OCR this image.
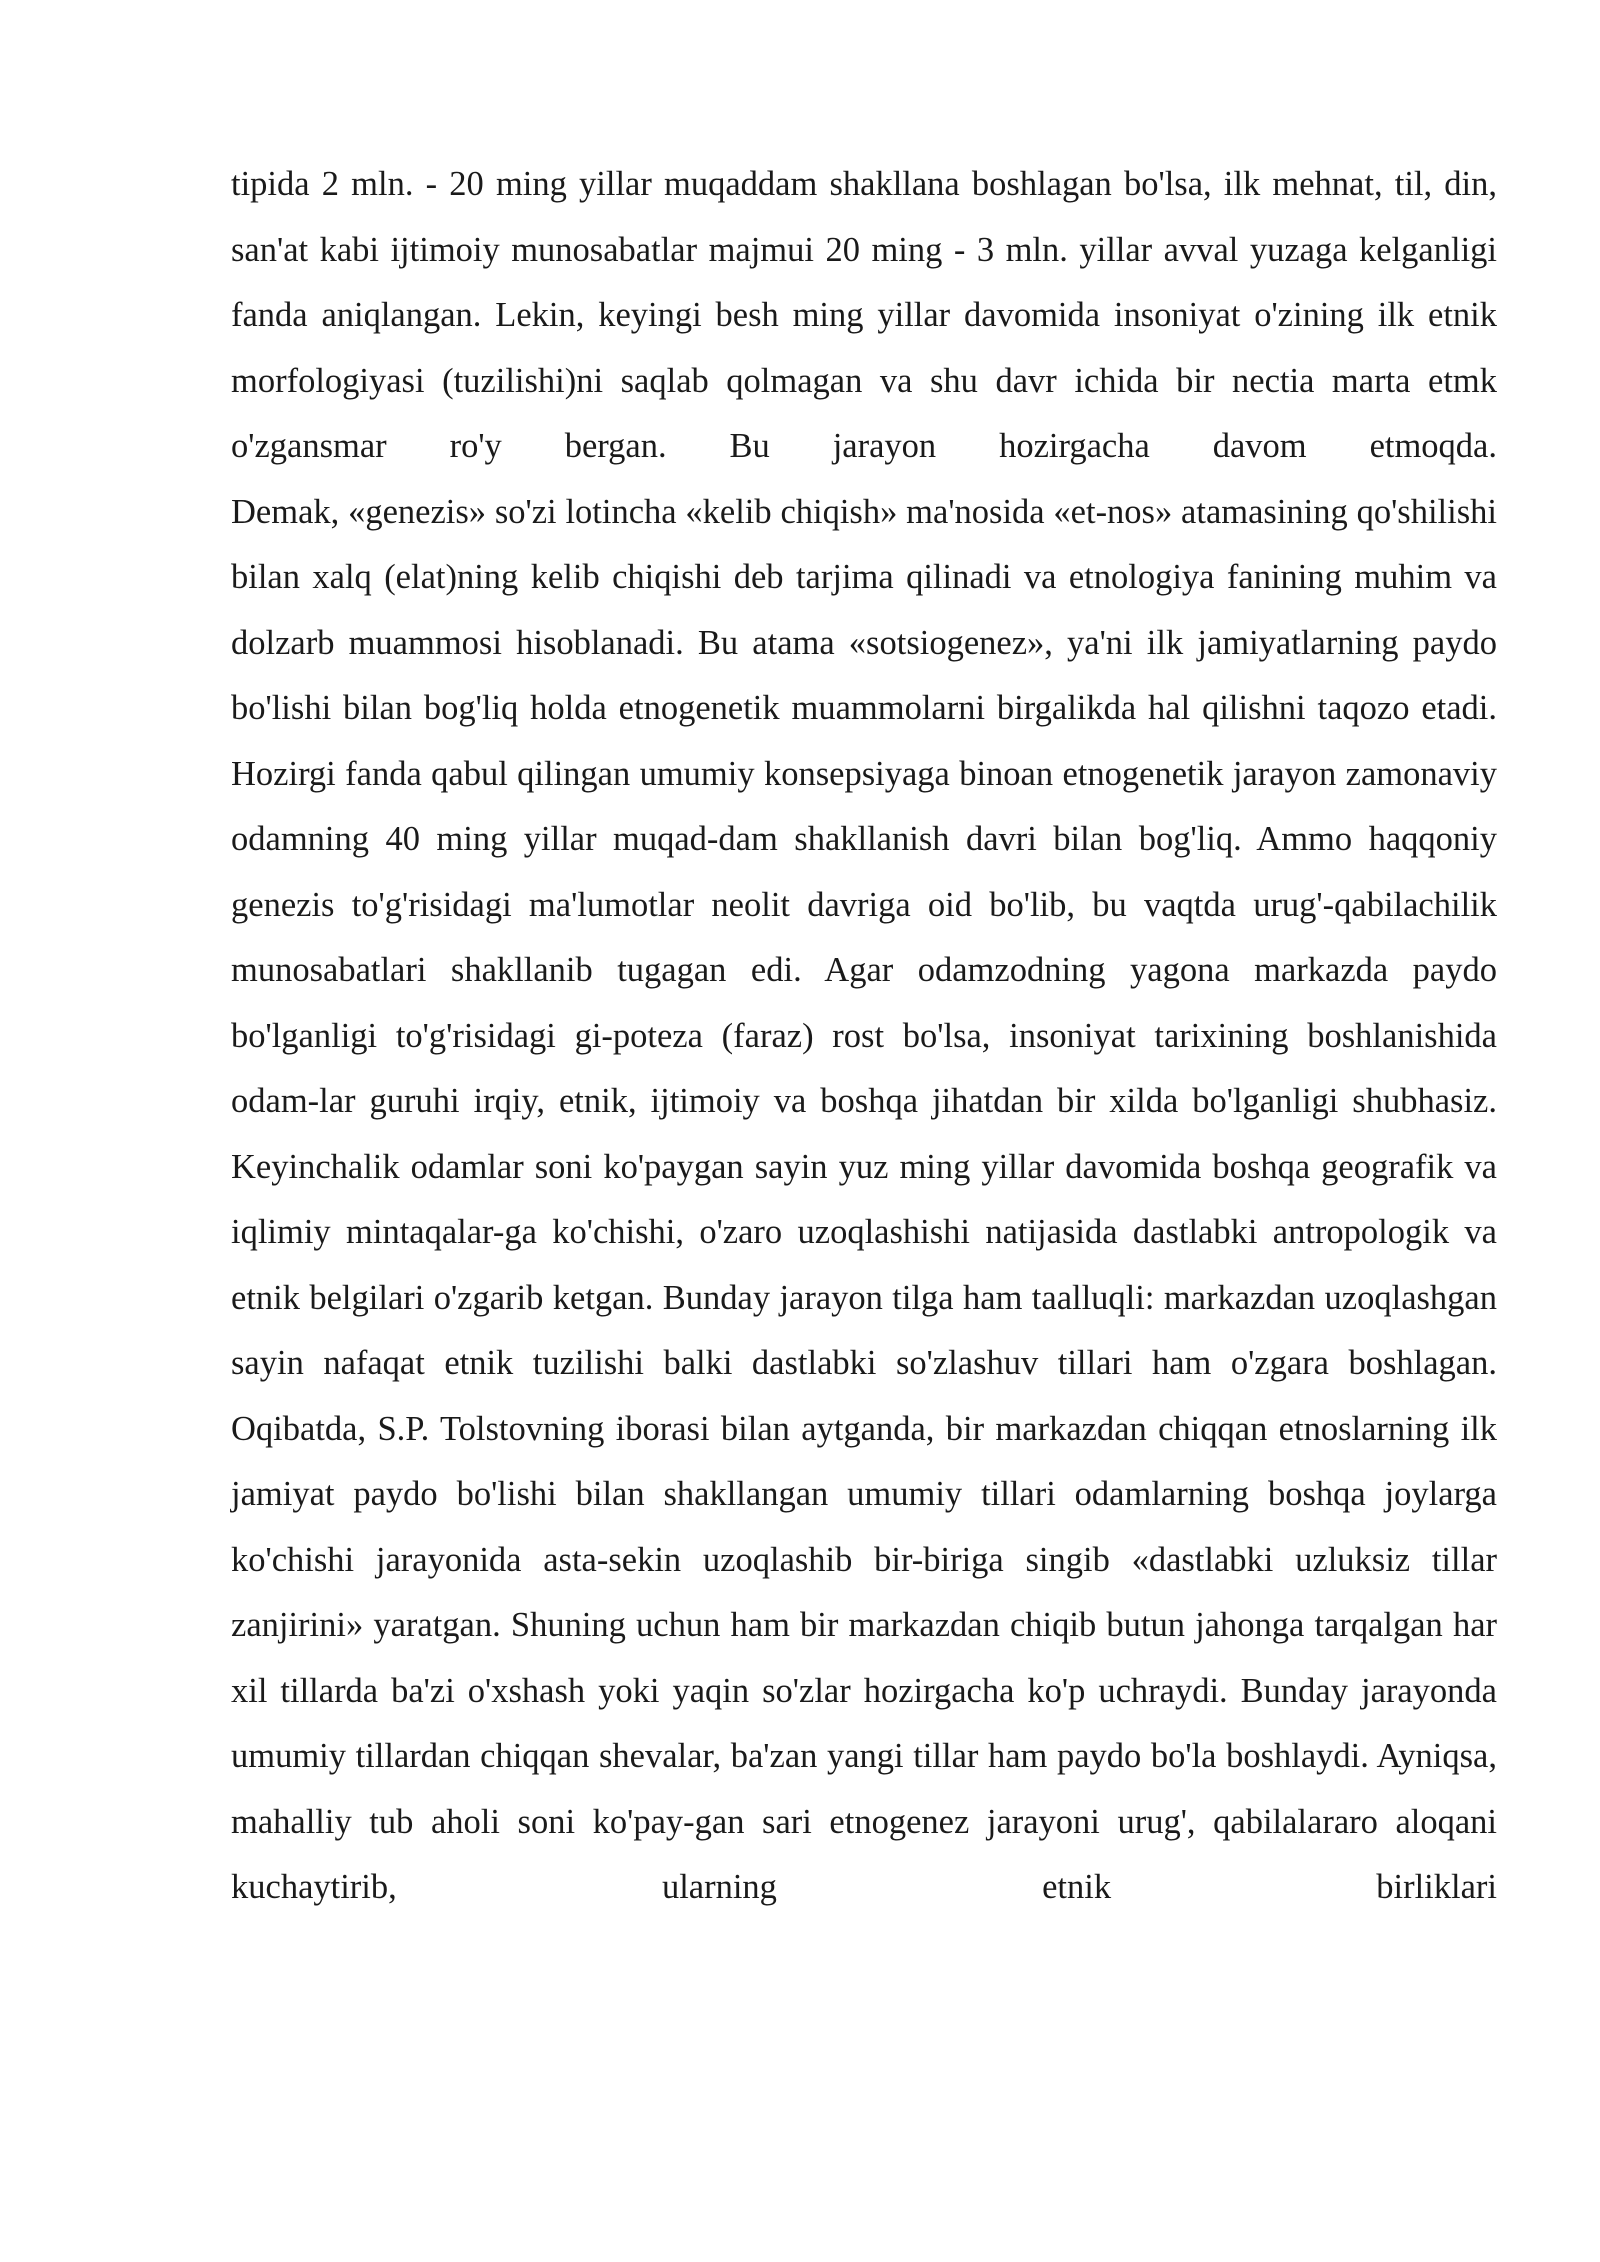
tipida 2 mln. - 20 ming yillar muqaddam shakllana boshlagan bo'lsa, ilk mehnat, til, din, san'at kabi ijtimoiy munosabatlar majmui 20 ming - 3 mln. yillar avval yuzaga kelganligi fanda aniqlangan. Lekin, keyingi besh ming yillar davomida insoniyat o'zining ilk etnik morfologiyasi (tuzilishi)ni saqlab qolmagan va shu davr ichida bir nectia marta etmk o'zgansmar ro'y bergan. Bu jarayon hozirgacha davom etmoqda.

Demak, «genezis» so'zi lotincha «kelib chiqish» ma'nosida «et-nos» atamasining qo'shilishi bilan xalq (elat)ning kelib chiqishi deb tarjima qilinadi va etnologiya fanining muhim va dolzarb muammosi hisoblanadi. Bu atama «sotsiogenez», ya'ni ilk jamiyatlarning paydo bo'lishi bilan bog'liq holda etnogenetik muammolarni birgalikda hal qilishni taqozo etadi.

Hozirgi fanda qabul qilingan umumiy konsepsiyaga binoan etnogenetik jarayon zamonaviy odamning 40 ming yillar muqad-dam shakllanish davri bilan bog'liq. Ammo haqqoniy genezis to'g'risidagi ma'lumotlar neolit davriga oid bo'lib, bu vaqtda urug'-qabilachilik munosabatlari shakllanib tugagan edi. Agar odamzodning yagona markazda paydo bo'lganligi to'g'risidagi gi-poteza (faraz) rost bo'lsa, insoniyat tarixining boshlanishida odam-lar guruhi irqiy, etnik, ijtimoiy va boshqa jihatdan bir xilda bo'lganligi shubhasiz. Keyinchalik odamlar soni ko'paygan sayin yuz ming yillar davomida boshqa geografik va iqlimiy mintaqalar-ga ko'chishi, o'zaro uzoqlashishi natijasida dastlabki antropologik va etnik belgilari o'zgarib ketgan. Bunday jarayon tilga ham taalluqli: markazdan uzoqlashgan sayin nafaqat etnik tuzilishi balki dastlabki so'zlashuv tillari ham o'zgara boshlagan. Oqibatda, S.P. Tolstovning iborasi bilan aytganda, bir markazdan chiqqan etnoslarning ilk jamiyat paydo bo'lishi bilan shakllangan umumiy tillari odamlarning boshqa joylarga ko'chishi jarayonida asta-sekin uzoqlashib bir-biriga singib «dastlabki uzluksiz tillar zanjirini» yaratgan. Shuning uchun ham bir markazdan chiqib butun jahonga tarqalgan har xil tillarda ba'zi o'xshash yoki yaqin so'zlar hozirgacha ko'p uchraydi. Bunday jarayonda umumiy tillardan chiqqan shevalar, ba'zan yangi tillar ham paydo bo'la boshlaydi. Ayniqsa, mahalliy tub aholi soni ko'pay-gan sari etnogenez jarayoni urug', qabilalararo aloqani kuchaytirib, ularning etnik birliklari
